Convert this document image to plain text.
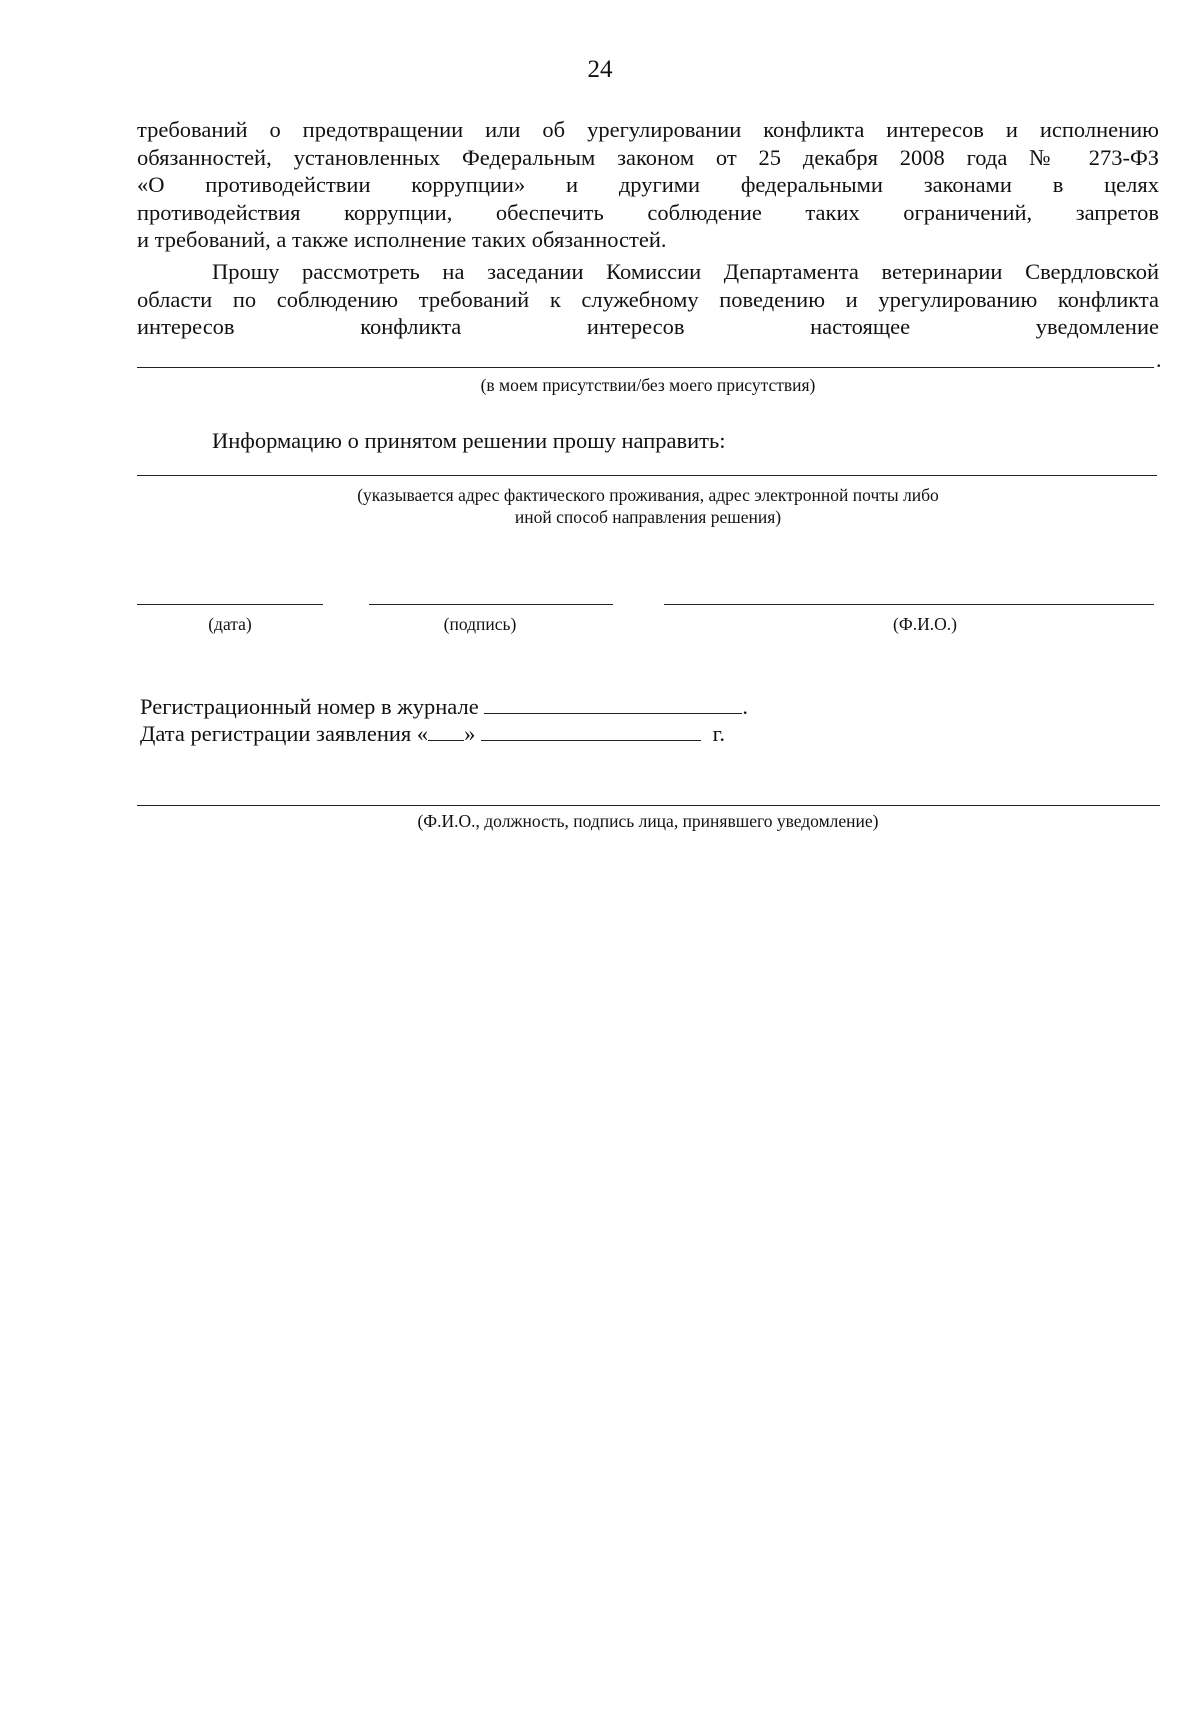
24
требований о предотвращении или об урегулировании конфликта интересов и исполнению
обязанностей, установленных Федеральным законом от 25 декабря 2008 года № 273-ФЗ
«О противодействии коррупции» и другими федеральными законами в целях
противодействия коррупции, обеспечить соблюдение таких ограничений, запретов
и требований, а также исполнение таких обязанностей.
Прошу рассмотреть на заседании Комиссии Департамента ветеринарии Свердловской
области по соблюдению требований к служебному поведению и урегулированию конфликта
интересов конфликта интересов настоящее уведомление
.
(в моем присутствии/без моего присутствия)
Информацию о принятом решении прошу направить:
(указывается адрес фактического проживания, адрес электронной почты либо
иной способ направления решения)
(дата)	(подпись)	(Ф.И.О.)
Регистрационный номер в журнале	.
Дата регистрации заявления « »	г.
(Ф.И.О., должность, подпись лица, принявшего уведомление)
